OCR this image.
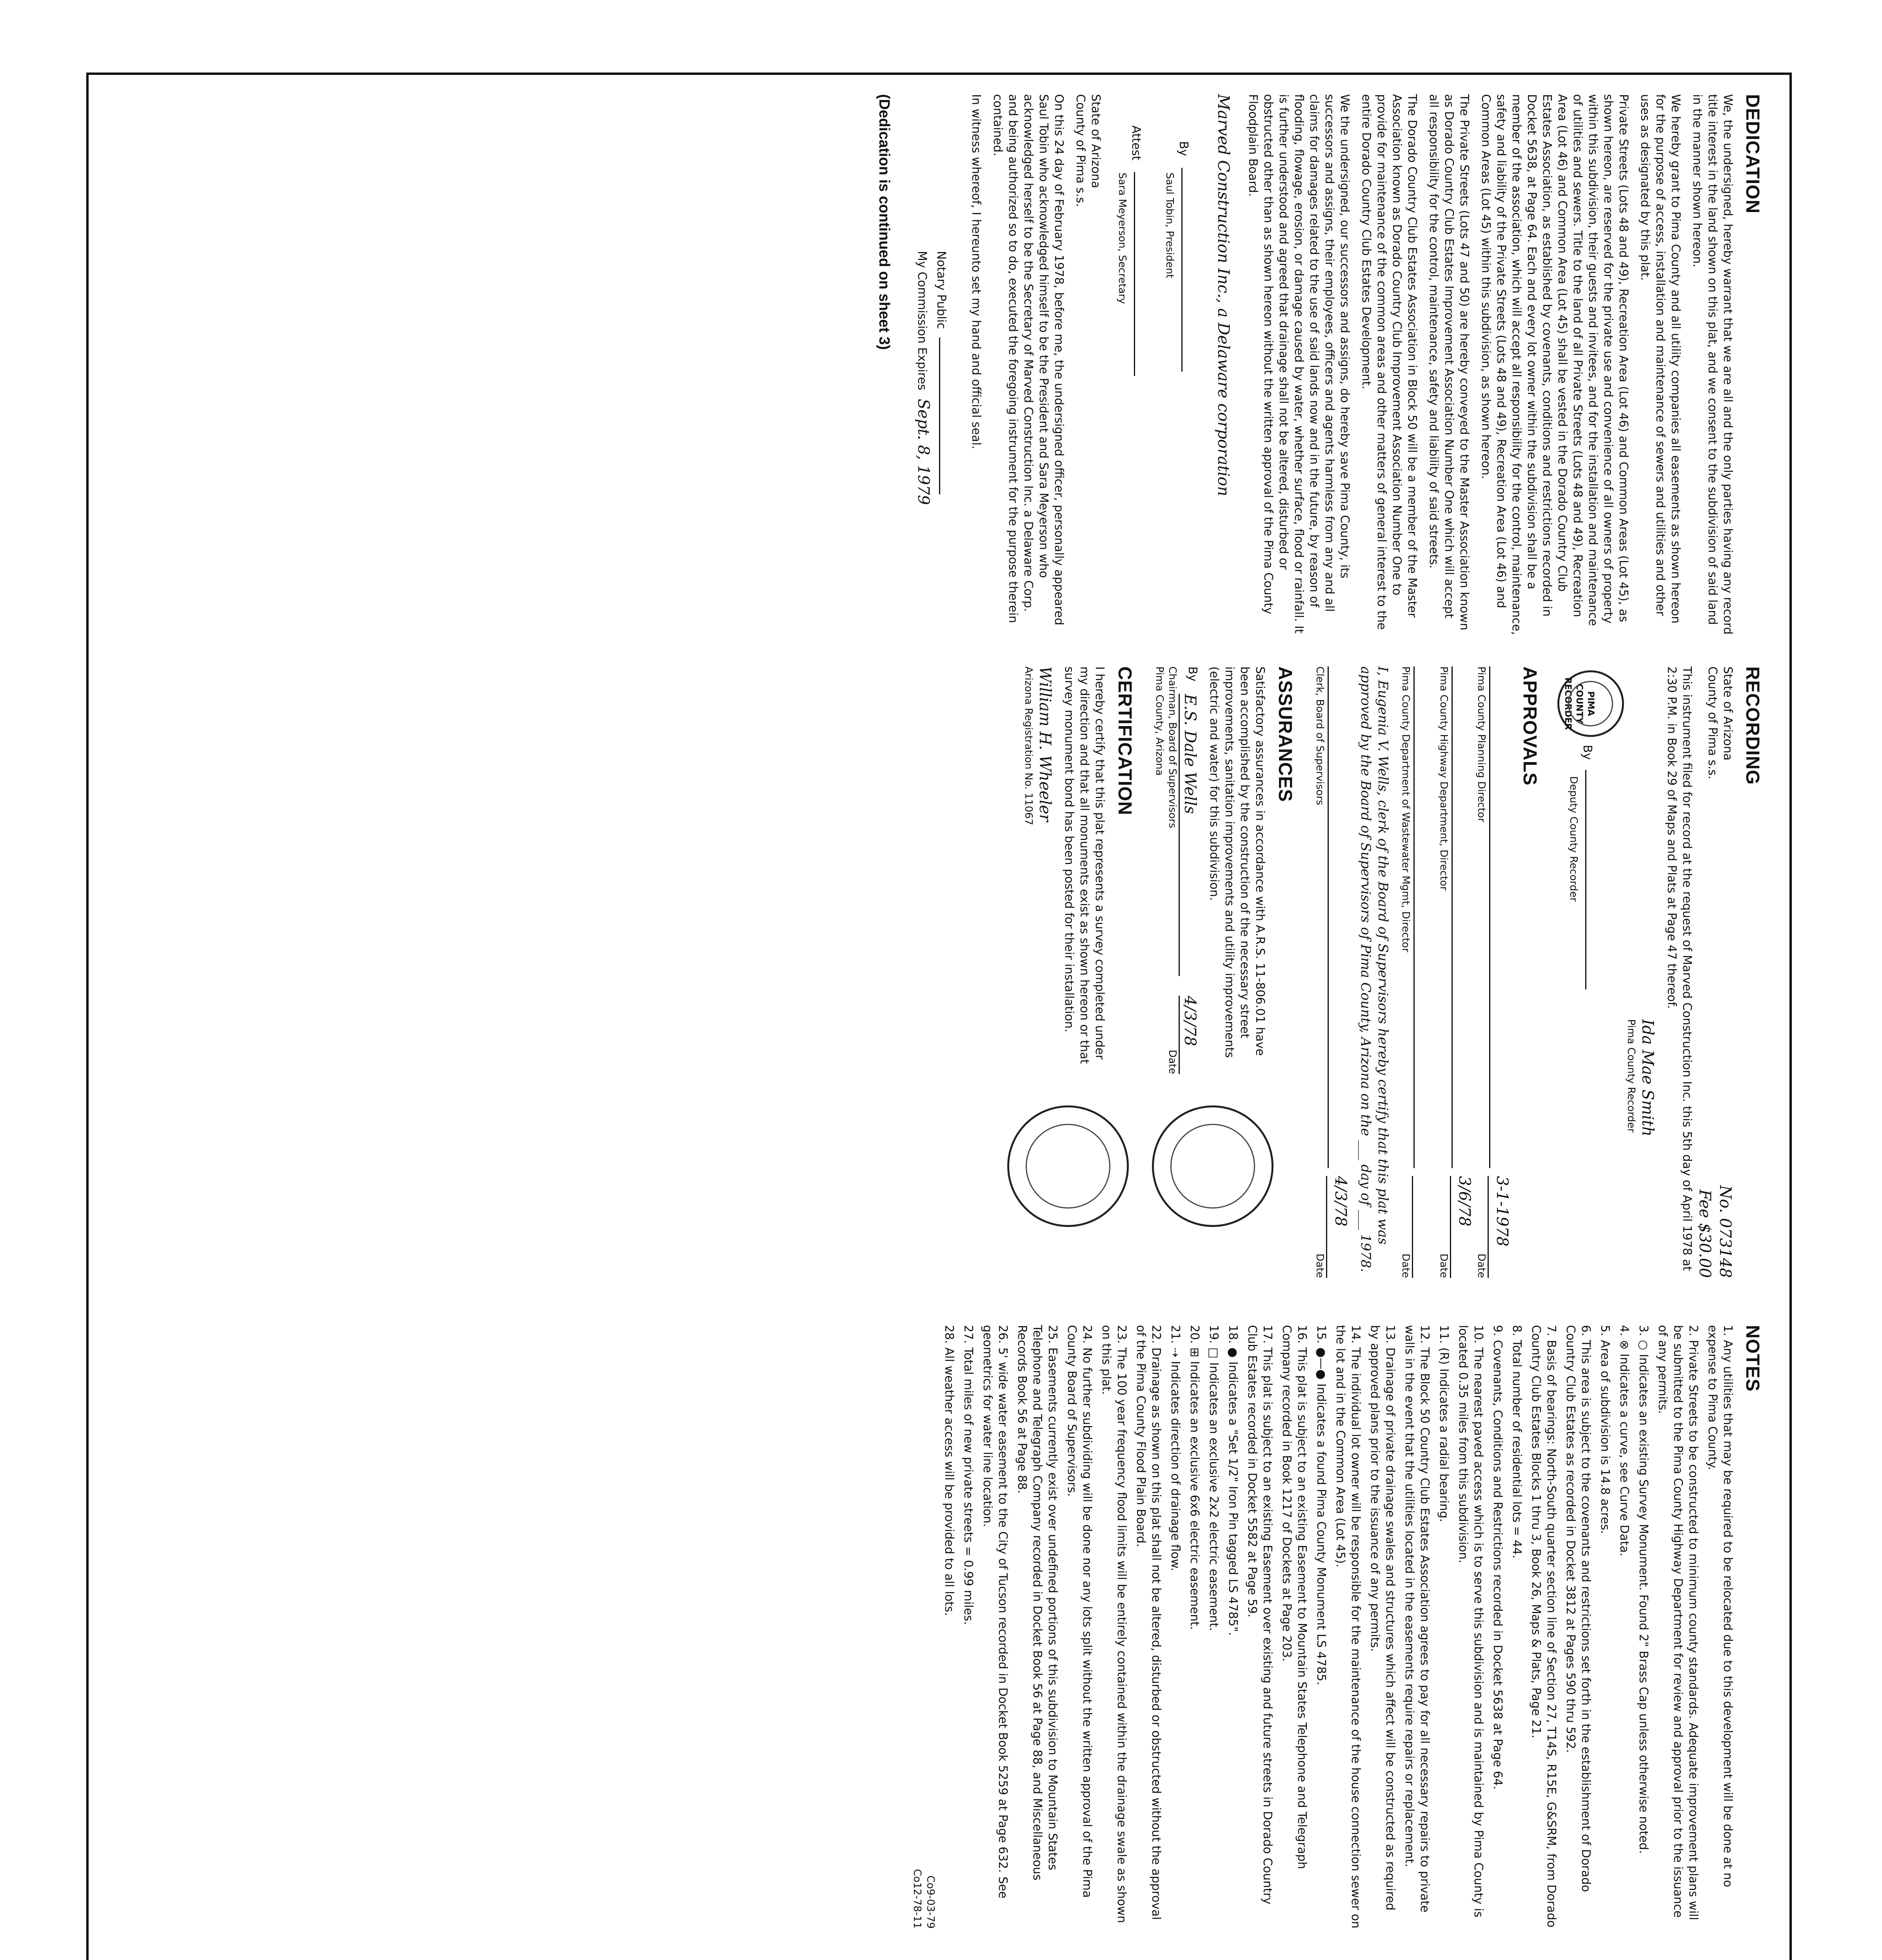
DEDICATION

We, the undersigned, hereby warrant that we are all and the only parties having any record title interest in the land shown on this plat, and we consent to the subdivision of said land in the manner shown hereon.

We hereby grant to Pima County and all utility companies all easements as shown hereon for the purpose of access, installation and maintenance of sewers and utilities and other uses as designated by this plat.

Private Streets (Lots 48 and 49), Recreation Area (Lot 46) and Common Areas (Lot 45), as shown hereon, are reserved for the private use and convenience of all owners of property within this subdivision, their guests and invitees, and for the installation and maintenance of utilities and sewers. Title to the land of all Private Streets (Lots 48 and 49), Recreation Area (Lot 46) and Common Area (Lot 45) shall be vested in the Dorado Country Club Estates Association, as established by covenants, conditions and restrictions recorded in Docket 5638, at Page 64. Each and every lot owner within the subdivision shall be a member of the association, which will accept all responsibility for the control, maintenance, safety and liability of the Private Streets (Lots 48 and 49), Recreation Area (Lot 46) and Common Areas (Lot 45) within this subdivision, as shown hereon.

The Private Streets (Lots 47 and 50) are hereby conveyed to the Master Association known as Dorado Country Club Estates Improvement Association Number One which will accept all responsibility for the control, maintenance, safety and liability of said streets.

The Dorado Country Club Estates Association in Block 50 will be a member of the Master Association known as Dorado Country Club Improvement Association Number One to provide for maintenance of the common areas and other matters of general interest to the entire Dorado Country Club Estates Development.

We the undersigned, our successors and assigns, do hereby save Pima County, its successors and assigns, their employees, officers and agents harmless from any and all claims for damages related to the use of said lands now and in the future, by reason of flooding, flowage, erosion, or damage caused by water, whether surface, flood or rainfall. It is further understood and agreed that drainage shall not be altered, disturbed or obstructed other than as shown hereon without the written approval of the Pima County Floodplain Board.

Marved Construction Inc., a Delaware corporation
By
Saul Tobin, President
Attest
Sara Meyerson, Secretary

State of Arizona
County of Pima s.s.

On this 24 day of February 1978, before me, the undersigned officer, personally appeared Saul Tobin who acknowledged himself to be the President and Sara Meyerson who acknowledged herself to be the Secretary of Marved Construction Inc. a Delaware Corp. and being authorized so to do, executed the foregoing instrument for the purpose therein contained.

In witness whereof, I hereunto set my hand and official seal.

Notary Public
My Commission Expires Sept. 8, 1979
(Dedication is continued on sheet 3)
RECORDING
State of Arizona
County of Pima s.s.
No. 073148
Fee $30.00

This instrument filed for record at the request of Marved Construction Inc. this 5th day of April 1978 at 2:30 P.M. in Book 29 of Maps and Plats at Page 47 thereof.

Ida Mae Smith
Pima County Recorder
PIMA COUNTY RECORDER
By
Deputy County Recorder
APPROVALS
3-1-1978
Pima County Planning Director
Date
3/6/78
Pima County Highway Department, Director
Date
Pima County Department of Wastewater Mgmt, Director
Date

I, Eugenia V. Wells, clerk of the Board of Supervisors hereby certify that this plat was approved by the Board of Supervisors of Pima County, Arizona on the ___ day of ___ 1978.

4/3/78
Clerk, Board of Supervisors
Date
ASSURANCES

Satisfactory assurances in accordance with A.R.S. 11-806.01 have been accomplished by the construction of the necessary street improvements, sanitation improvements and utility improvements (electric and water) for this subdivision.

By
E.S. Dale Wells
4/3/78
Chairman, Board of Supervisors
Date
Pima County, Arizona
CERTIFICATION

I hereby certify that this plat represents a survey completed under my direction and that all monuments exist as shown hereon or that survey monument bond has been posted for their installation.

William H. Wheeler
Arizona Registration No. 11067
NOTES
1. Any utilities that may be required to be relocated due to this development will be done at no expense to Pima County.
2. Private Streets to be constructed to minimum county standards. Adequate improvement plans will be submitted to the Pima County Highway Department for review and approval prior to the issuance of any permits.
3. ○ Indicates an existing Survey Monument. Found 2" Brass Cap unless otherwise noted.
4. ⊗ Indicates a curve, see Curve Data.
5. Area of subdivision is 14.8 acres.
6. This area is subject to the covenants and restrictions set forth in the establishment of Dorado Country Club Estates as recorded in Docket 3812 at Pages 590 thru 592.
7. Basis of bearings: North-South quarter section line of Section 27, T14S, R15E, G&SRM, from Dorado Country Club Estates Blocks 1 thru 3, Book 26, Maps & Plats, Page 21.
8. Total number of residential lots = 44.
9. Covenants, Conditions and Restrictions recorded in Docket 5638 at Page 64.
10. The nearest paved access which is to serve this subdivision and is maintained by Pima County is located 0.35 miles from this subdivision.
11. (R) Indicates a radial bearing.
12. The Block 50 Country Club Estates Association agrees to pay for all necessary repairs to private walls in the event that the utilities located in the easements require repairs or replacement.
13. Drainage of private drainage swales and structures which affect will be constructed as required by approved plans prior to the issuance of any permits.
14. The individual lot owner will be responsible for the maintenance of the house connection sewer on the lot and in the Common Area (Lot 45).
15. ●—● Indicates a found Pima County Monument LS 4785.
16. This plat is subject to an existing Easement to Mountain States Telephone and Telegraph Company recorded in Book 1217 of Dockets at Page 203.
17. This plat is subject to an existing Easement over existing and future streets in Dorado Country Club Estates recorded in Docket 5582 at Page 59.
18. ● Indicates a "Set 1/2" Iron Pin tagged LS 4785".
19. □ Indicates an exclusive 2x2 electric easement.
20. ⊞ Indicates an exclusive 6x6 electric easement.
21. ⇢ Indicates direction of drainage flow.
22. Drainage as shown on this plat shall not be altered, disturbed or obstructed without the approval of the Pima County Flood Plain Board.
23. The 100 year frequency flood limits will be entirely contained within the drainage swale as shown on this plat.
24. No further subdividing will be done nor any lots split without the written approval of the Pima County Board of Supervisors.
25. Easements currently exist over undefined portions of this subdivision to Mountain States Telephone and Telegraph Company recorded in Docket Book 56 at Page 88, and Miscellaneous Records Book 56 at Page 88.
26. 5' wide water easement to the City of Tucson recorded in Docket Book 5259 at Page 632. See geometrics for water line location.
27. Total miles of new private streets = 0.99 miles.
28. All weather access will be provided to all lots.
Co9-03-79
Co12-78-11
